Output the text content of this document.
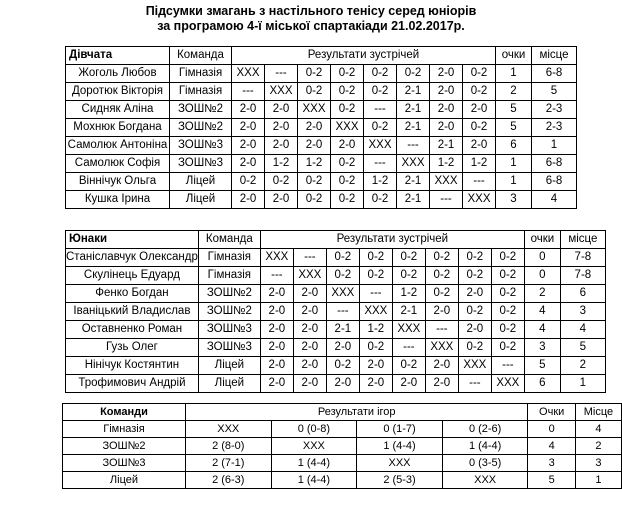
Підсумки змагань з настільного тенісу серед юніорів
за програмою 4-ї міської спартакіади 21.02.2017р.
Дівчата	Команда	Результати зустрічей								очки	місце
Жоголь Любов	Гімназія	ХХХ	---	0-2	0-2	0-2	0-2	2-0	0-2	1	6-8
Доротюк Вікторія	Гімназія	---	ХХХ	0-2	0-2	0-2	2-1	2-0	0-2	2	5
Сидняк Аліна	ЗОШ№2	2-0	2-0	ХХХ	0-2	---	2-1	2-0	2-0	5	2-3
Мохнюк Богдана	ЗОШ№2	2-0	2-0	2-0	ХХХ	0-2	2-1	2-0	0-2	5	2-3
Самолюк Антоніна	ЗОШ№3	2-0	2-0	2-0	2-0	ХХХ	---	2-1	2-0	6	1
Самолюк Софія	ЗОШ№3	2-0	1-2	1-2	0-2	---	ХХХ	1-2	1-2	1	6-8
Віннічук Ольга	Ліцей	0-2	0-2	0-2	0-2	1-2	2-1	ХХХ	---	1	6-8
Кушка Ірина	Ліцей	2-0	2-0	0-2	0-2	0-2	2-1	---	ХХХ	3	4
Юнаки	Команда	Результати зустрічей								очки	місце
Станіславчук Олександр	Гімназія	ХХХ	---	0-2	0-2	0-2	0-2	0-2	0-2	0	7-8
Скулінець Едуард	Гімназія	---	ХХХ	0-2	0-2	0-2	0-2	0-2	0-2	0	7-8
Фенко Богдан	ЗОШ№2	2-0	2-0	ХХХ	---	1-2	0-2	2-0	0-2	2	6
Іваніцький Владислав	ЗОШ№2	2-0	2-0	---	ХХХ	2-1	2-0	0-2	0-2	4	3
Оставненко Роман	ЗОШ№3	2-0	2-0	2-1	1-2	ХХХ	---	2-0	0-2	4	4
Гузь Олег	ЗОШ№3	2-0	2-0	2-0	0-2	---	ХХХ	0-2	0-2	3	5
Нінічук Костянтин	Ліцей	2-0	2-0	0-2	2-0	0-2	2-0	ХХХ	---	5	2
Трофимович Андрій	Ліцей	2-0	2-0	2-0	2-0	2-0	2-0	---	ХХХ	6	1
Команди	Результати ігор				Очки	Місце
Гімназія	ХХХ	0 (0-8)	0 (1-7)	0 (2-6)	0	4
ЗОШ№2	2 (8-0)	ХХХ	1 (4-4)	1 (4-4)	4	2
ЗОШ№3	2 (7-1)	1 (4-4)	ХХХ	0 (3-5)	3	3
Ліцей	2 (6-3)	1 (4-4)	2 (5-3)	ХХХ	5	1
